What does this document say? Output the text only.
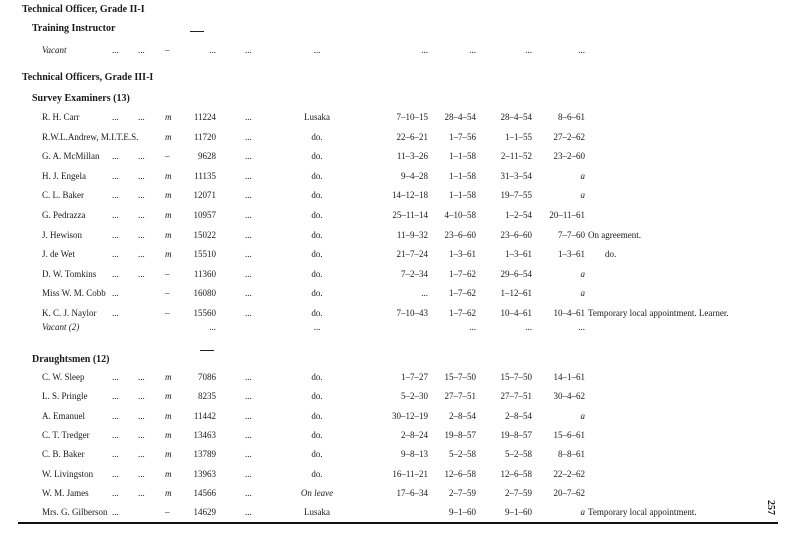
Technical Officer, Grade II-I
Training Instructor
Vacant	... ... –	...	...	...	...	...	...	...
Technical Officers, Grade III-I
Survey Examiners (13)
R. H. Carr	... ... m	11224	...	Lusaka	7–10–15	28–4–54	28–4–54	8–6–61
R.W.L.Andrew, M.I.T.E.S.	m	11720	...	do.	22–6–21	1–7–56	1–1–55	27–2–62
G. A. McMillan	... ... –	9628	...	do.	11–3–26	1–1–58	2–11–52	23–2–60
H. J. Engela	... ... m	11135	...	do.	9–4–28	1–1–58	31–3–54	a
C. L. Baker	... ... m	12071	...	do.	14–12–18	1–1–58	19–7–55	a
G. Pedrazza	... ... m	10957	...	do.	25–11–14	4–10–58	1–2–54	20–11–61
J. Hewison	... ... m	15022	...	do.	11–9–32	23–6–60	23–6–60	7–7–60 On agreement.
J. de Wet	... ... m	15510	...	do.	21–7–24	1–3–61	1–3–61	1–3–61 do.
D. W. Tomkins	... ... –	11360	...	do.	7–2–34	1–7–62	29–6–54	a
Miss W. M. Cobb ...	–	16080	...	do.	...	1–7–62	1–12–61	a
K. C. J. Naylor	...	–	15560	...	do.	7–10–43	1–7–62	10–4–61	10–4–61 Temporary local appointment. Learner.
Vacant (2)	...	...	...	...	...
Draughtsmen (12)
C. W. Sleep	... ... m	7086	...	do.	1–7–27	15–7–50	15–7–50	14–1–61
L. S. Pringle	... ... m	8235	...	do.	5–2–30	27–7–51	27–7–51	30–4–62
A. Emanuel	... ... m	11442	...	do.	30–12–19	2–8–54	2–8–54	a
C. T. Tredger	... ... m	13463	...	do.	2–8–24	19–8–57	19–8–57	15–6–61
C. B. Baker	... ... m	13789	...	do.	9–8–13	5–2–58	5–2–58	8–8–61
W. Livingston	... ... m	13963	...	do.	16–11–21	12–6–58	12–6–58	22–2–62
W. M. James	... ... m	14566	...	On leave	17–6–34	2–7–59	2–7–59	20–7–62
Mrs. G. Gilberson ...	–	14629	...	Lusaka	9–1–60	9–1–60	a Temporary local appointment.	257
